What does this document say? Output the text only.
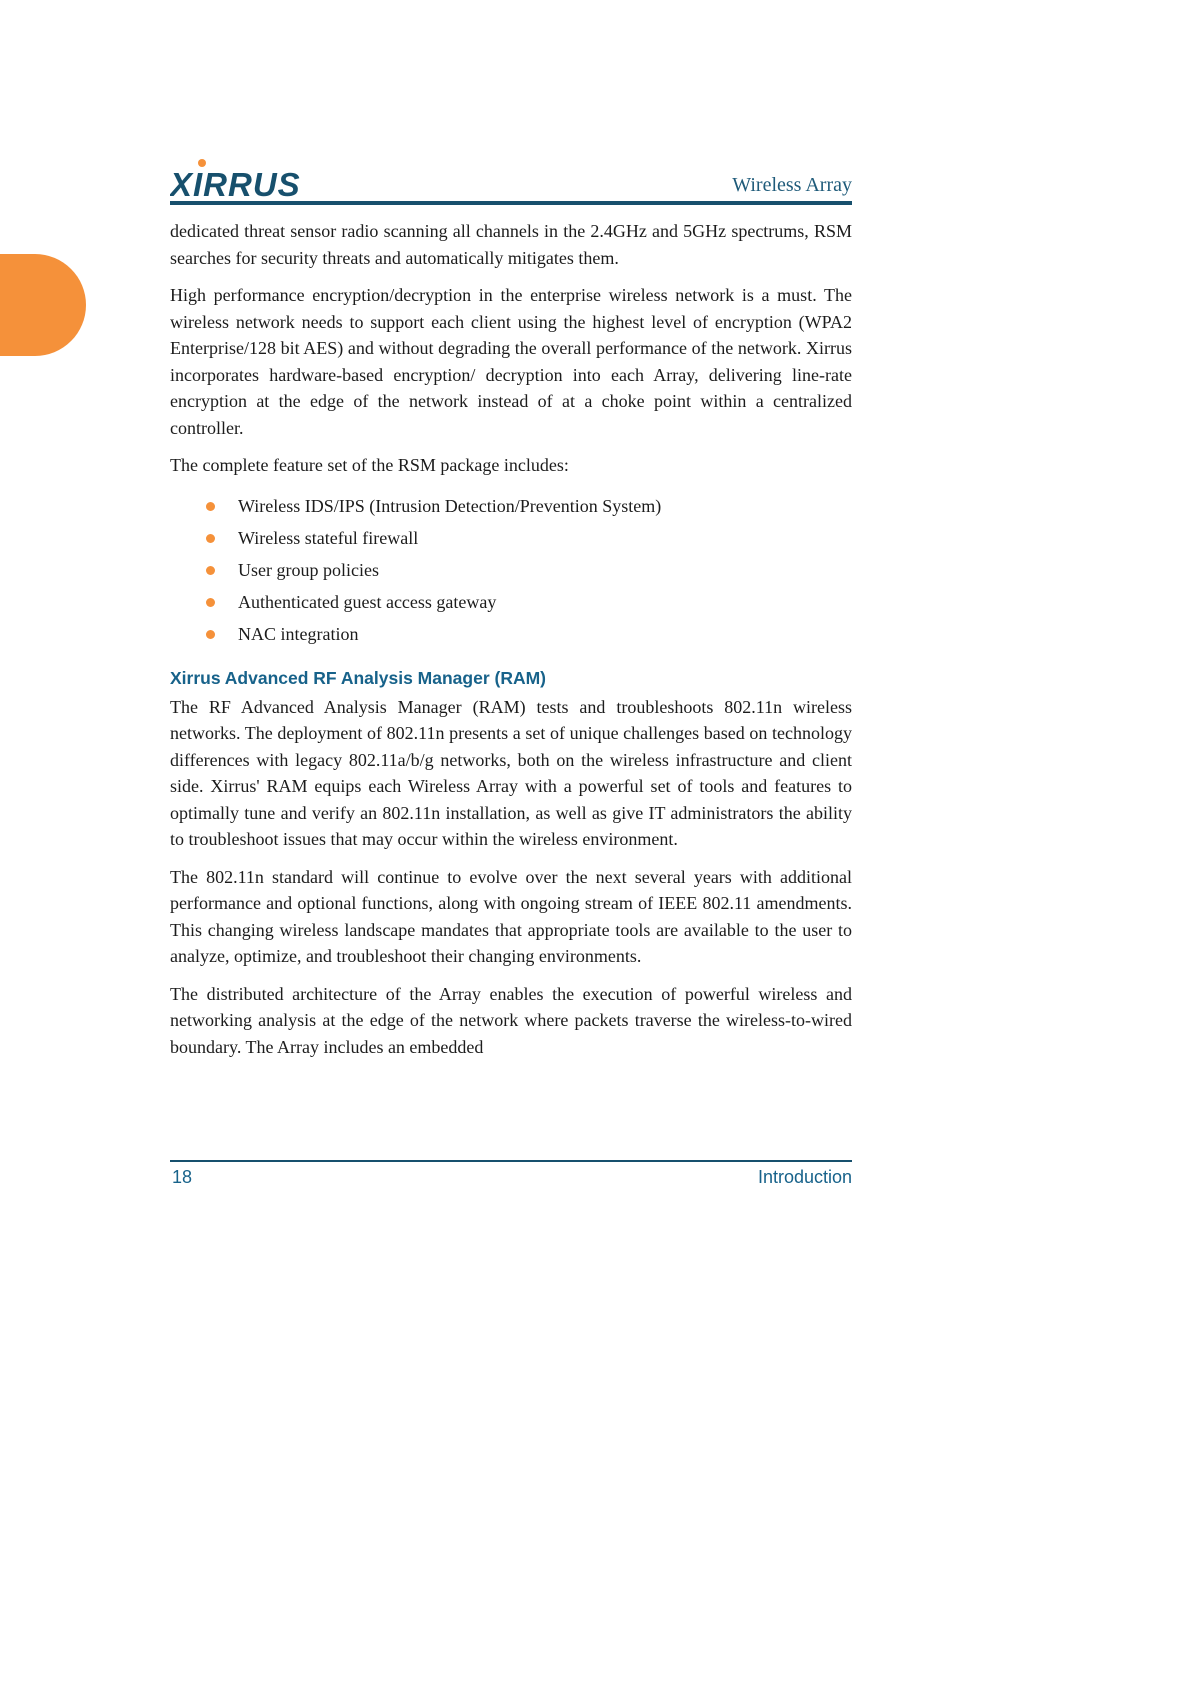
XIRRUS	Wireless Array

dedicated threat sensor radio scanning all channels in the 2.4GHz and 5GHz spectrums, RSM searches for security threats and automatically mitigates them.

High performance encryption/decryption in the enterprise wireless network is a must. The wireless network needs to support each client using the highest level of encryption (WPA2 Enterprise/128 bit AES) and without degrading the overall performance of the network. Xirrus incorporates hardware-based encryption/ decryption into each Array, delivering line-rate encryption at the edge of the network instead of at a choke point within a centralized controller.

The complete feature set of the RSM package includes:

Wireless IDS/IPS (Intrusion Detection/Prevention System)
Wireless stateful firewall
User group policies
Authenticated guest access gateway
NAC integration
Xirrus Advanced RF Analysis Manager (RAM)

The RF Advanced Analysis Manager (RAM) tests and troubleshoots 802.11n wireless networks. The deployment of 802.11n presents a set of unique challenges based on technology differences with legacy 802.11a/b/g networks, both on the wireless infrastructure and client side. Xirrus' RAM equips each Wireless Array with a powerful set of tools and features to optimally tune and verify an 802.11n installation, as well as give IT administrators the ability to troubleshoot issues that may occur within the wireless environment.

The 802.11n standard will continue to evolve over the next several years with additional performance and optional functions, along with ongoing stream of IEEE 802.11 amendments. This changing wireless landscape mandates that appropriate tools are available to the user to analyze, optimize, and troubleshoot their changing environments.

The distributed architecture of the Array enables the execution of powerful wireless and networking analysis at the edge of the network where packets traverse the wireless-to-wired boundary. The Array includes an embedded

18	Introduction
